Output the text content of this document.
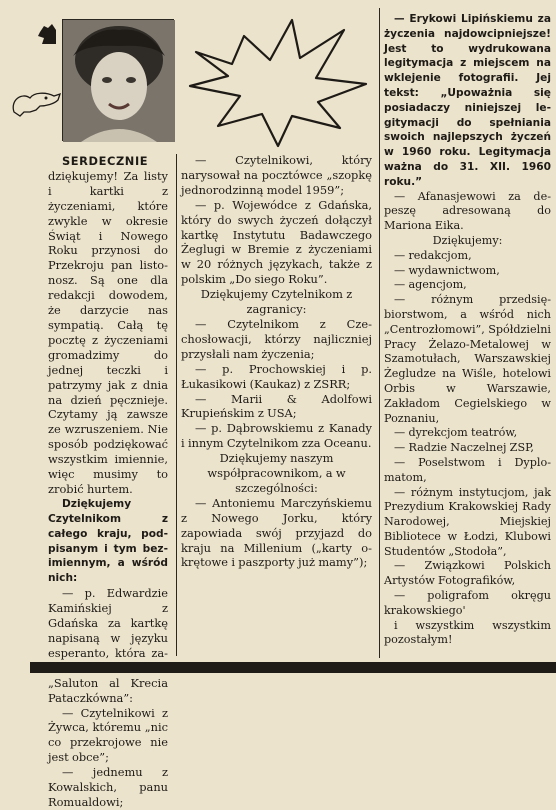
SERDECZNIE dziękujemy! Za listy i kartki z życzeniami, które zwykle w okresie Świąt i Nowego Roku przynosi do Przekroju pan listonosz. Są one dla redakcji dowodem, że darzycie nas sympatią. Całą tę pocztę z życzeniami gromadzimy do jednej teczki i patrzymy jak z dnia na dzień pęcznieje. Czytamy ją zawsze ze wzruszeniem. Nie sposób podziękować wszystkim imiennie, więc musimy to zrobić hurtem.

Dziękujemy Czytelnikom z całego kraju, podpisanym i tym bezimiennym, a wśród nich:

— p. Edwardzie Kamińskiej z Gdańska za kartkę napisaną w języku esperanto, która za „Saluton al Krecia Pataczkówna”:

— Czytelnikowi z Żywca, któremu „nic co przekrojowe nie jest obce”;

— jednemu z Kowalskich, panu Romualdowi;

— Czytelnikowi, który narysował na pocztówce „szopkę jednorodzinną model 1959”;

— p. Wojewódce z Gdańska, który do swych życzeń dołączył kartkę Instytutu Badawczego Żeglugi w Bremie z życzeniami w 20 różnych językach, także z polskim „Do siego Roku”.

Dziękujemy Czytelnikom z zagranicy:

— Czytelnikom z Czechosłowacji, którzy najliczniej przysłali nam życzenia;

— p. Prochowskiej i p. Łukasikowi (Kaukaz) z ZSRR;

— Marii & Adolfowi Krupieńskim z USA;

— p. Dąbrowskiemu z Kanady i innym Czytelnikom zza Oceanu.

Dziękujemy naszym współpracownikom, a w szczególności:

— Antoniemu Marczyńskiemu z Nowego Jorku, który zapowiada swój przyjazd do kraju na Millenium („karty okrętowe i paszporty już mamy”);

— Erykowi Lipińskiemu za życzenia najdowcipniejsze! Jest to wydrukowana legitymacja z miejscem na wklejenie fotografii. Jej tekst: „Upoważnia się posiadaczy niniejszej legitymacji do spełniania swoich najlepszych życzeń w 1960 roku. Legitymacja ważna do 31. XII. 1960 roku.”

— Afanasjewowi za depeszę adresowaną do Mariona Eika.

Dziękujemy:

— redakcjom,

— wydawnictwom,

— agencjom,

— różnym przedsiębiorstwom, a wśród nich „Centrozłomowi”, Spółdzielni Pracy Żelazo-Metalowej w Szamotułach, Warszawskiej Żegludze na Wiśle, hotelowi Orbis w Warszawie, Zakładom Cegielskiego w Poznaniu,

— dyrekcjom teatrów,

— Radzie Naczelnej ZSP,

— Poselstwom i Dyplomatom,

— różnym instytucjom, jak Prezydium Krakowskiej Rady Narodowej, Miejskiej Bibliotece w Łodzi, Klubowi Studentów „Stodoła”,

— Związkowi Polskich Artystów Fotografików,

— poligrafom okręgu krakowskiego'

i wszystkim wszystkim pozostałym!
